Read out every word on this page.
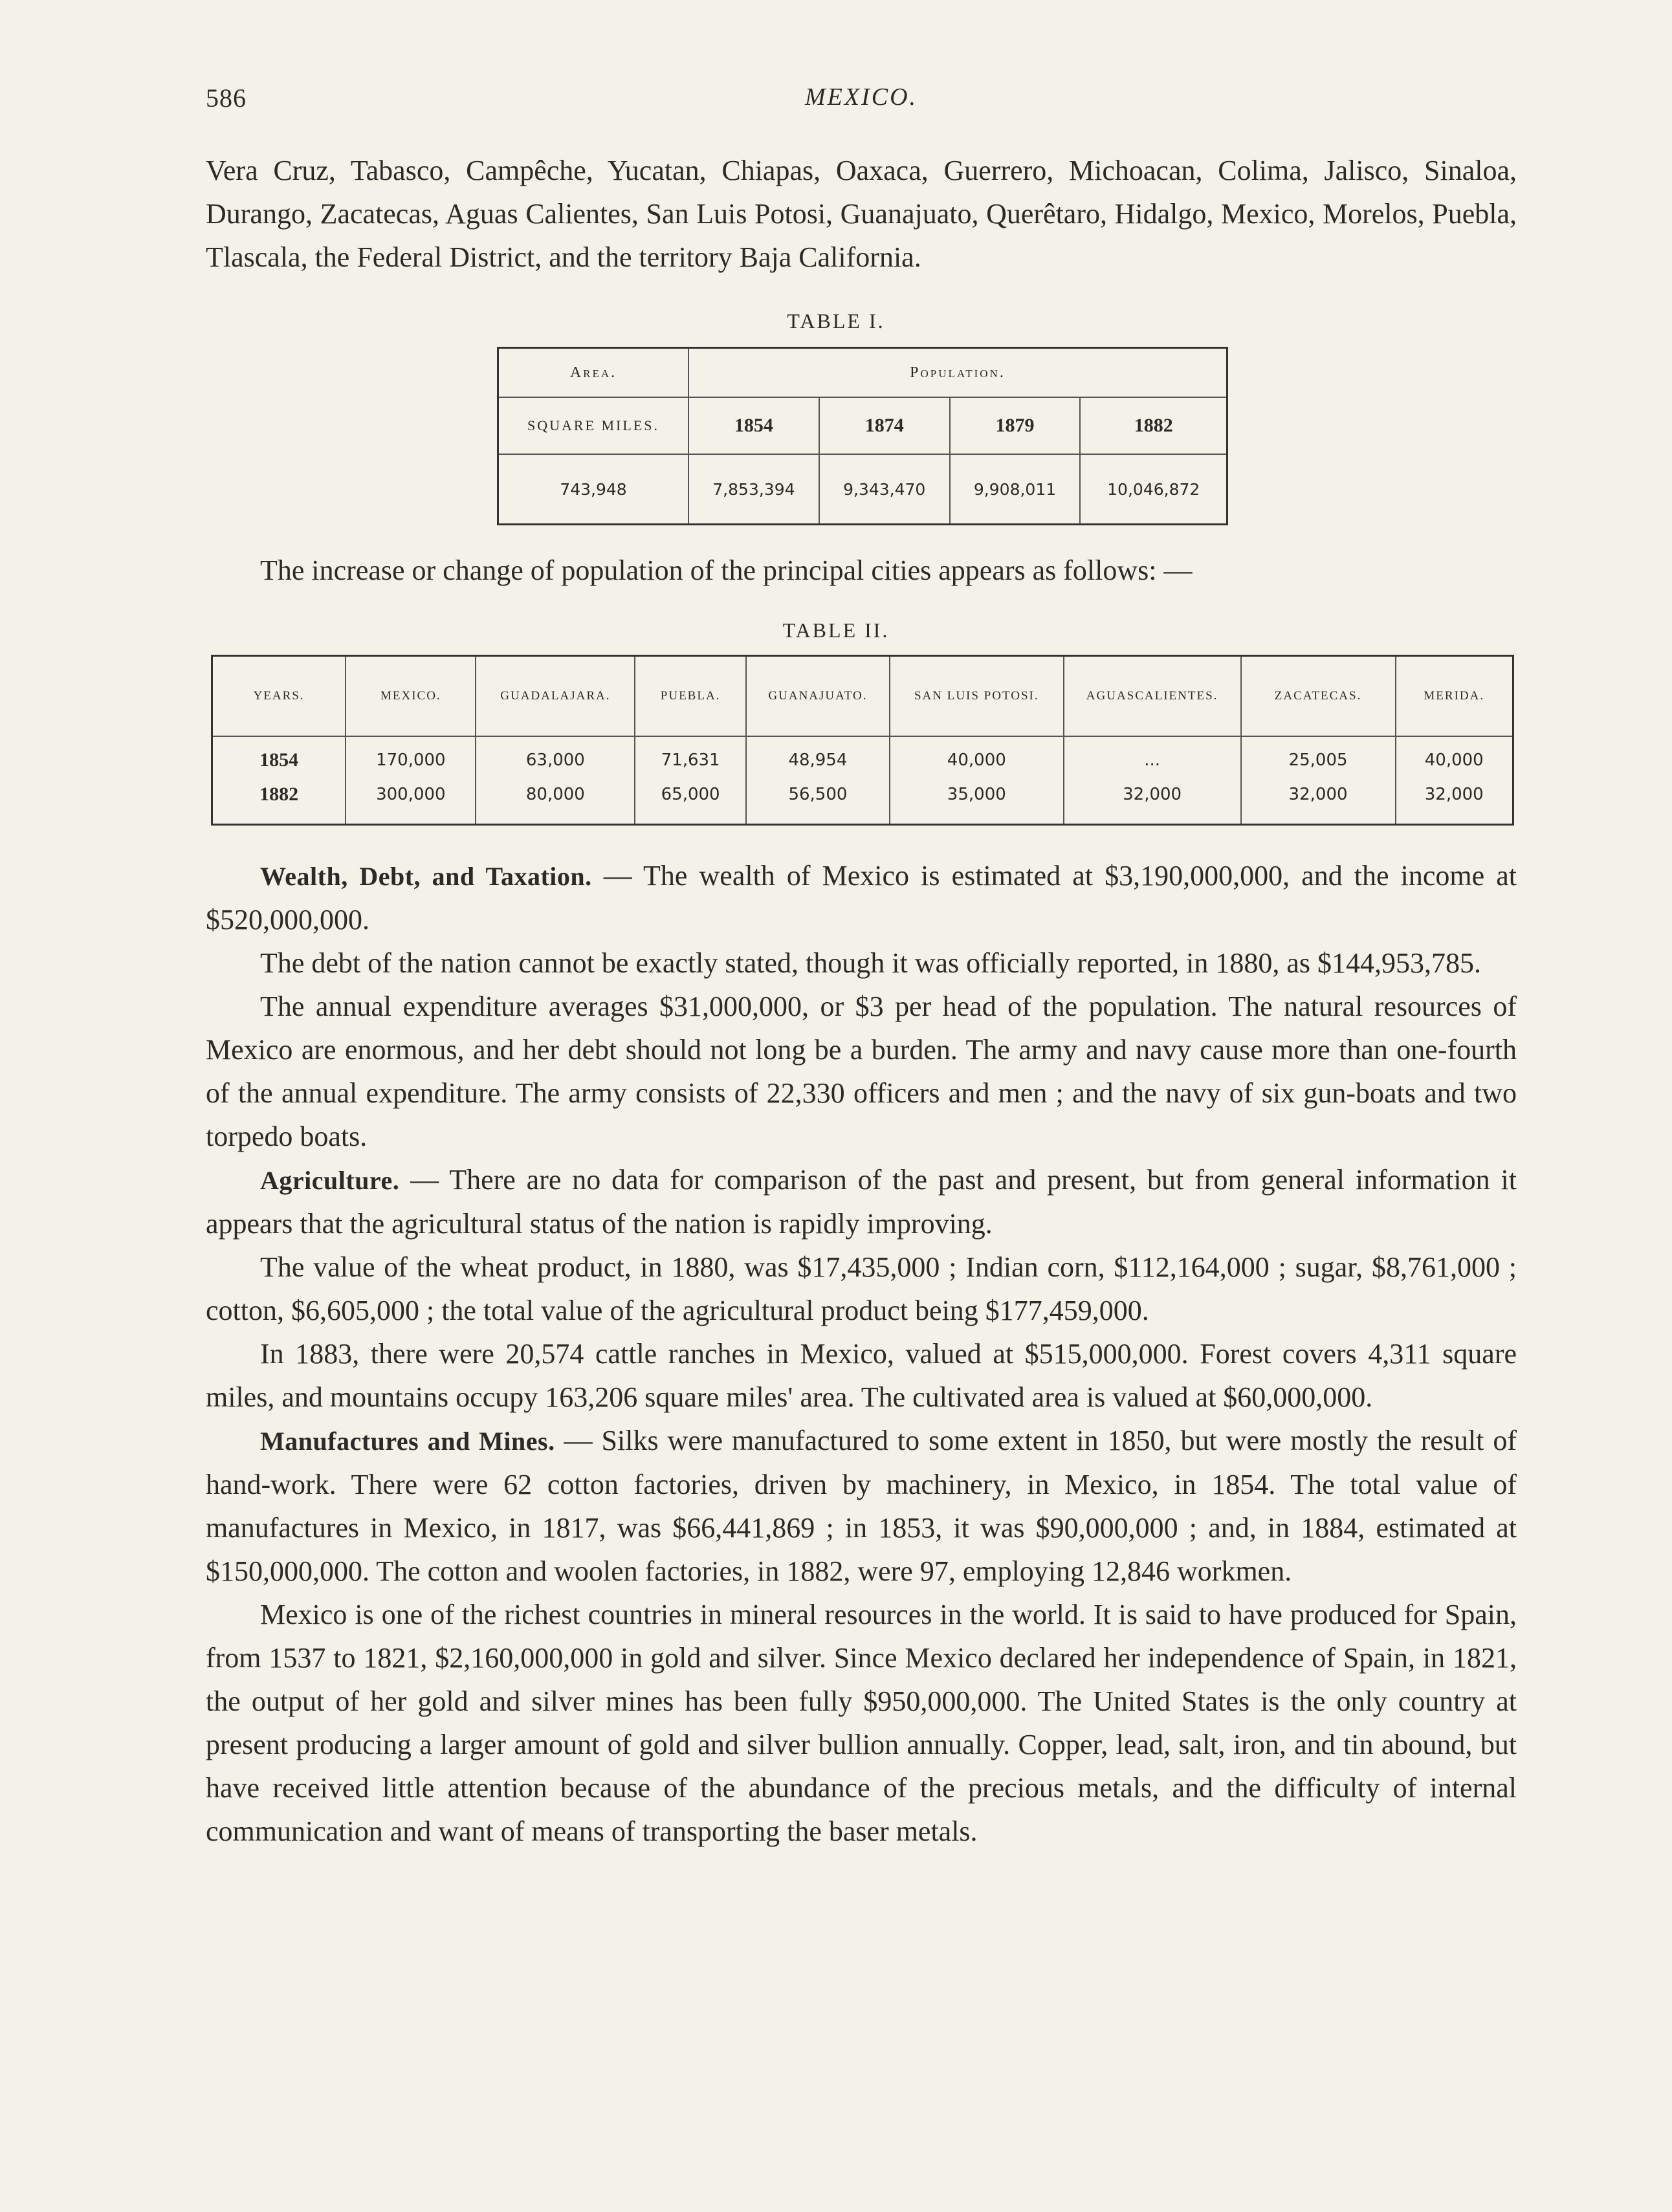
586	MEXICO.

Vera Cruz, Tabasco, Campêche, Yucatan, Chiapas, Oaxaca, Guerrero, Michoacan, Colima, Jalisco, Sinaloa, Durango, Zacatecas, Aguas Calientes, San Luis Potosi, Guanajuato, Querêtaro, Hidalgo, Mexico, Morelos, Puebla, Tlascala, the Federal District, and the territory Baja California.

TABLE I.
Area.	Population.			
SQUARE MILES.	1854	1874	1879	1882
743,948	7,853,394	9,343,470	9,908,011	10,046,872

The increase or change of population of the principal cities appears as follows: —

TABLE II.
YEARS.	MEXICO.	GUADALAJARA.	PUEBLA.	GUANAJUATO.	SAN LUIS POTOSI.	AGUASCALIENTES.	ZACATECAS.	MERIDA.
1854	170,000	63,000	71,631	48,954	40,000	...	25,005	40,000
1882	300,000	80,000	65,000	56,500	35,000	32,000	32,000	32,000

Wealth, Debt, and Taxation. — The wealth of Mexico is estimated at $3,190,000,000, and the income at $520,000,000.

The debt of the nation cannot be exactly stated, though it was officially reported, in 1880, as $144,953,785.

The annual expenditure averages $31,000,000, or $3 per head of the population. The natural resources of Mexico are enormous, and her debt should not long be a burden. The army and navy cause more than one-fourth of the annual expenditure. The army consists of 22,330 officers and men ; and the navy of six gun-boats and two torpedo boats.

Agriculture. — There are no data for comparison of the past and present, but from general information it appears that the agricultural status of the nation is rapidly improving.

The value of the wheat product, in 1880, was $17,435,000 ; Indian corn, $112,164,000 ; sugar, $8,761,000 ; cotton, $6,605,000 ; the total value of the agricultural product being $177,459,000.

In 1883, there were 20,574 cattle ranches in Mexico, valued at $515,000,000. Forest covers 4,311 square miles, and mountains occupy 163,206 square miles' area. The cultivated area is valued at $60,000,000.

Manufactures and Mines. — Silks were manufactured to some extent in 1850, but were mostly the result of hand-work. There were 62 cotton factories, driven by machinery, in Mexico, in 1854. The total value of manufactures in Mexico, in 1817, was $66,441,869 ; in 1853, it was $90,000,000 ; and, in 1884, estimated at $150,000,000. The cotton and woolen factories, in 1882, were 97, employing 12,846 workmen.

Mexico is one of the richest countries in mineral resources in the world. It is said to have produced for Spain, from 1537 to 1821, $2,160,000,000 in gold and silver. Since Mexico declared her independence of Spain, in 1821, the output of her gold and silver mines has been fully $950,000,000. The United States is the only country at present producing a larger amount of gold and silver bullion annually. Copper, lead, salt, iron, and tin abound, but have received little attention because of the abundance of the precious metals, and the difficulty of internal communication and want of means of transporting the baser metals.
